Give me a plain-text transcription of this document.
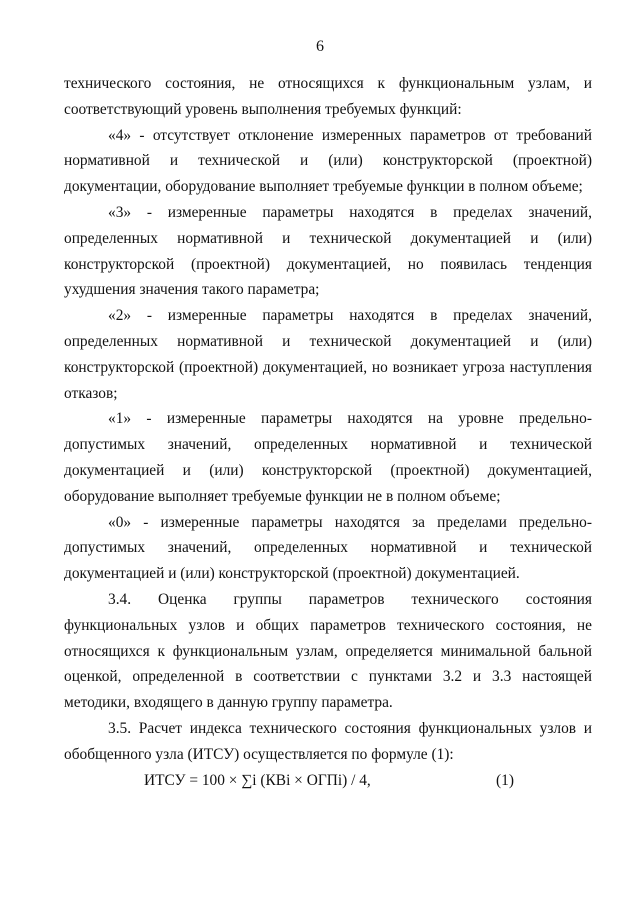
6

технического состояния, не относящихся к функциональным узлам, и соответствующий уровень выполнения требуемых функций:

«4» - отсутствует отклонение измеренных параметров от требований нормативной и технической и (или) конструкторской (проектной) документации, оборудование выполняет требуемые функции в полном объеме;

«3» - измеренные параметры находятся в пределах значений, определенных нормативной и технической документацией и (или) конструкторской (проектной) документацией, но появилась тенденция ухудшения значения такого параметра;

«2» - измеренные параметры находятся в пределах значений, определенных нормативной и технической документацией и (или) конструкторской (проектной) документацией, но возникает угроза наступления отказов;

«1» - измеренные параметры находятся на уровне предельно-допустимых значений, определенных нормативной и технической документацией и (или) конструкторской (проектной) документацией, оборудование выполняет требуемые функции не в полном объеме;

«0» - измеренные параметры находятся за пределами предельно-допустимых значений, определенных нормативной и технической документацией и (или) конструкторской (проектной) документацией.

3.4. Оценка группы параметров технического состояния функциональных узлов и общих параметров технического состояния, не относящихся к функциональным узлам, определяется минимальной бальной оценкой, определенной в соответствии с пунктами 3.2 и 3.3 настоящей методики, входящего в данную группу параметра.

3.5. Расчет индекса технического состояния функциональных узлов и обобщенного узла (ИТСУ) осуществляется по формуле (1):

ИТСУ = 100 × ∑i (КВi × ОГПi) / 4,	(1)
